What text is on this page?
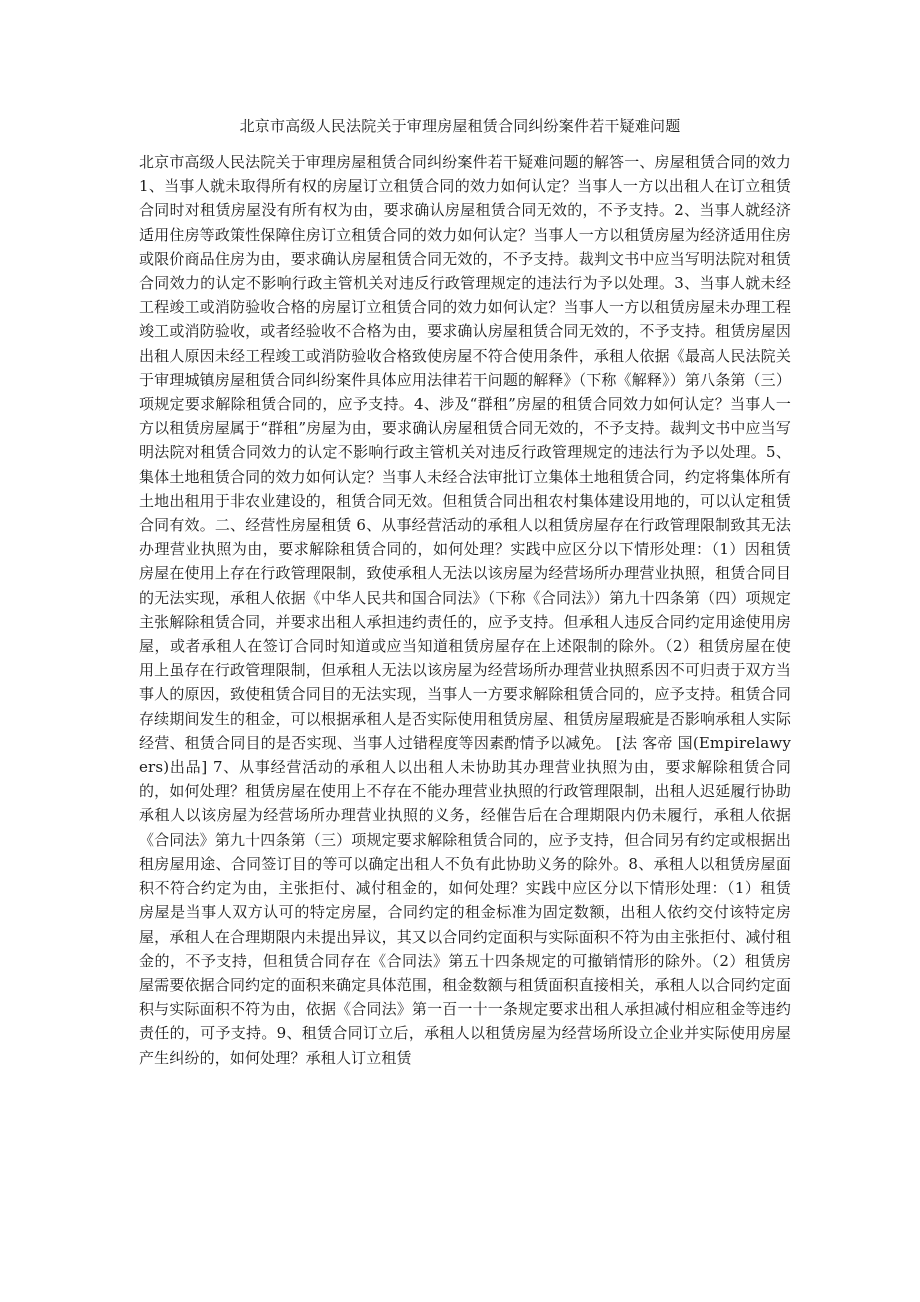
北京市高级人民法院关于审理房屋租赁合同纠纷案件若干疑难问题

北京市高级人民法院关于审理房屋租赁合同纠纷案件若干疑难问题的解答一、房屋租赁合同的效力 1、当事人就未取得所有权的房屋订立租赁合同的效力如何认定？当事人一方以出租人在订立租赁合同时对租赁房屋没有所有权为由，要求确认房屋租赁合同无效的，不予支持。2、当事人就经济适用住房等政策性保障住房订立租赁合同的效力如何认定？当事人一方以租赁房屋为经济适用住房或限价商品住房为由，要求确认房屋租赁合同无效的，不予支持。裁判文书中应当写明法院对租赁合同效力的认定不影响行政主管机关对违反行政管理规定的违法行为予以处理。3、当事人就未经工程竣工或消防验收合格的房屋订立租赁合同的效力如何认定？当事人一方以租赁房屋未办理工程竣工或消防验收，或者经验收不合格为由，要求确认房屋租赁合同无效的，不予支持。租赁房屋因出租人原因未经工程竣工或消防验收合格致使房屋不符合使用条件，承租人依据《最高人民法院关于审理城镇房屋租赁合同纠纷案件具体应用法律若干问题的解释》（下称《解释》）第八条第（三）项规定要求解除租赁合同的，应予支持。4、涉及“群租”房屋的租赁合同效力如何认定？当事人一方以租赁房屋属于“群租”房屋为由，要求确认房屋租赁合同无效的，不予支持。裁判文书中应当写明法院对租赁合同效力的认定不影响行政主管机关对违反行政管理规定的违法行为予以处理。5、集体土地租赁合同的效力如何认定？当事人未经合法审批订立集体土地租赁合同，约定将集体所有土地出租用于非农业建设的，租赁合同无效。但租赁合同出租农村集体建设用地的，可以认定租赁合同有效。二、经营性房屋租赁 6、从事经营活动的承租人以租赁房屋存在行政管理限制致其无法办理营业执照为由，要求解除租赁合同的，如何处理？实践中应区分以下情形处理：（1）因租赁房屋在使用上存在行政管理限制，致使承租人无法以该房屋为经营场所办理营业执照，租赁合同目的无法实现，承租人依据《中华人民共和国合同法》（下称《合同法》）第九十四条第（四）项规定主张解除租赁合同，并要求出租人承担违约责任的，应予支持。但承租人违反合同约定用途使用房屋，或者承租人在签订合同时知道或应当知道租赁房屋存在上述限制的除外。（2）租赁房屋在使用上虽存在行政管理限制，但承租人无法以该房屋为经营场所办理营业执照系因不可归责于双方当事人的原因，致使租赁合同目的无法实现，当事人一方要求解除租赁合同的，应予支持。租赁合同存续期间发生的租金，可以根据承租人是否实际使用租赁房屋、租赁房屋瑕疵是否影响承租人实际经营、租赁合同目的是否实现、当事人过错程度等因素酌情予以减免。 [法 客帝 国(Empirelawyers)出品] 7、从事经营活动的承租人以出租人未协助其办理营业执照为由，要求解除租赁合同的，如何处理？租赁房屋在使用上不存在不能办理营业执照的行政管理限制，出租人迟延履行协助承租人以该房屋为经营场所办理营业执照的义务，经催告后在合理期限内仍未履行，承租人依据《合同法》第九十四条第（三）项规定要求解除租赁合同的，应予支持，但合同另有约定或根据出租房屋用途、合同签订目的等可以确定出租人不负有此协助义务的除外。8、承租人以租赁房屋面积不符合约定为由，主张拒付、减付租金的，如何处理？实践中应区分以下情形处理：（1）租赁房屋是当事人双方认可的特定房屋，合同约定的租金标准为固定数额，出租人依约交付该特定房屋，承租人在合理期限内未提出异议，其又以合同约定面积与实际面积不符为由主张拒付、减付租金的，不予支持，但租赁合同存在《合同法》第五十四条规定的可撤销情形的除外。（2）租赁房屋需要依据合同约定的面积来确定具体范围，租金数额与租赁面积直接相关，承租人以合同约定面积与实际面积不符为由，依据《合同法》第一百一十一条规定要求出租人承担减付相应租金等违约责任的，可予支持。9、租赁合同订立后，承租人以租赁房屋为经营场所设立企业并实际使用房屋产生纠纷的，如何处理？承租人订立租赁
